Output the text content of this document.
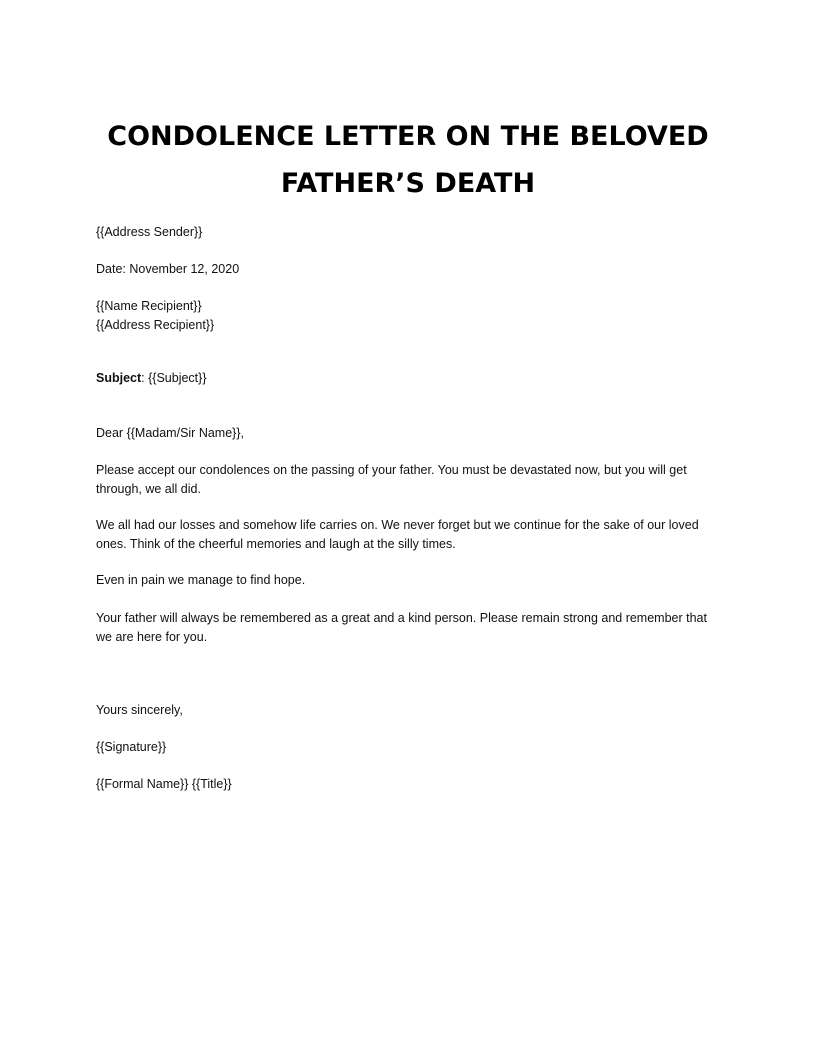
CONDOLENCE LETTER ON THE BELOVED
FATHER’S DEATH

{{Address Sender}}

Date: November 12, 2020

{{Name Recipient}}
{{Address Recipient}}

Subject: {{Subject}}

Dear {{Madam/Sir Name}},

Please accept our condolences on the passing of your father. You must be devastated now, but you will get through, we all did.

We all had our losses and somehow life carries on. We never forget but we continue for the sake of our loved ones. Think of the cheerful memories and laugh at the silly times.

Even in pain we manage to find hope.

Your father will always be remembered as a great and a kind person. Please remain strong and remember that we are here for you.

Yours sincerely,

{{Signature}}

{{Formal Name}} {{Title}}
